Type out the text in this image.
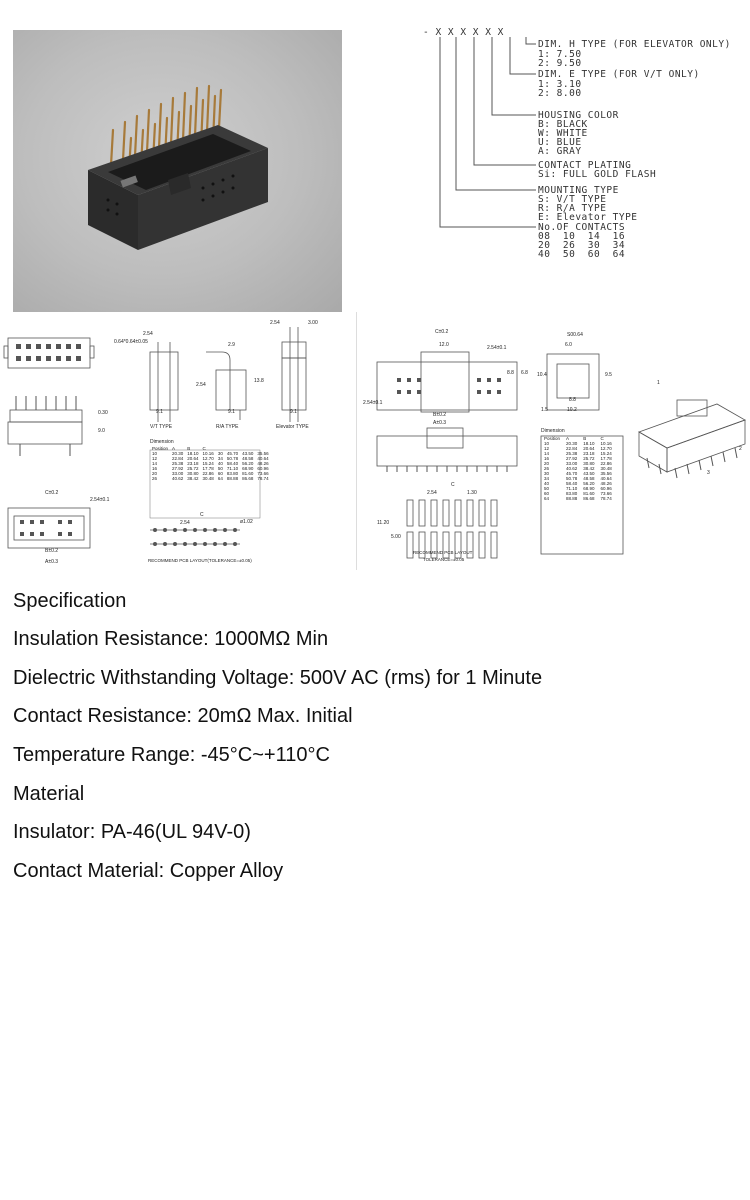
- X X X X X X
DIM. H TYPE (FOR ELEVATOR ONLY)
1: 7.50
2: 9.50
DIM. E TYPE (FOR V/T ONLY)
1: 3.10
2: 8.00
HOUSING COLOR
B: BLACK
W: WHITE
U: BLUE
A: GRAY
CONTACT PLATING
Si: FULL GOLD FLASH
MOUNTING TYPE
S: V/T TYPE
R: R/A TYPE
E: Elevator TYPE
No.OF CONTACTS
08  10  14  16
20  26  30  34
40  50  60  64
2.54
0.64*0.64±0.05	2.9
2.54	3.00
9.1	9.1	9.1
13.8
2.54
9.0
0.30
C±0.2
2.54±0.1
B±0.2
A±0.3
2.54
C
ø1.02
V/T TYPE	R/A TYPE	Elevator TYPE
Dimension
RECOMMEND PCB LAYOUT(TOLERANCE=±0.05)
Position	A	B	C				
10	20.30	18.10	10.16	30	45.70	43.50	35.56
12	22.84	20.64	12.70	34	50.78	48.58	40.64
14	25.38	23.18	15.24	40	58.40	56.20	48.26
16	27.92	25.72	17.78	50	71.10	68.90	60.96
20	33.00	30.80	22.86	60	83.80	81.60	73.66
26	40.62	38.42	30.48	64	88.88	86.68	78.74
C±0.2
12.0	2.54±0.1
8.8 6.8
2.54±0.1
B±0.2
A±0.3
S00.64
6.0
10.4	9.5
8.8
10.2
1.5
2.54	1.30
C
11.20
5.00
1
2
3
Dimension
RECOMMEND PCB LAYOUT
TOLERANCE=±0.05
Position	A	B	C
10	20.30	18.10	10.16
12	22.84	20.64	12.70
14	25.38	23.18	15.24
16	27.92	25.72	17.78
20	33.00	30.80	22.86
26	40.62	38.42	30.48
30	45.70	43.50	35.56
34	50.78	48.58	40.64
40	58.40	56.20	48.26
50	71.10	68.90	60.96
60	83.80	81.60	73.66
64	88.88	86.68	78.74
Specification
Insulation Resistance: 1000MΩ Min
Dielectric Withstanding Voltage: 500V AC (rms) for 1 Minute
Contact Resistance: 20mΩ Max. Initial
Temperature Range: -45°C~+110°C
Material
Insulator: PA-46(UL 94V-0)
Contact Material: Copper Alloy
